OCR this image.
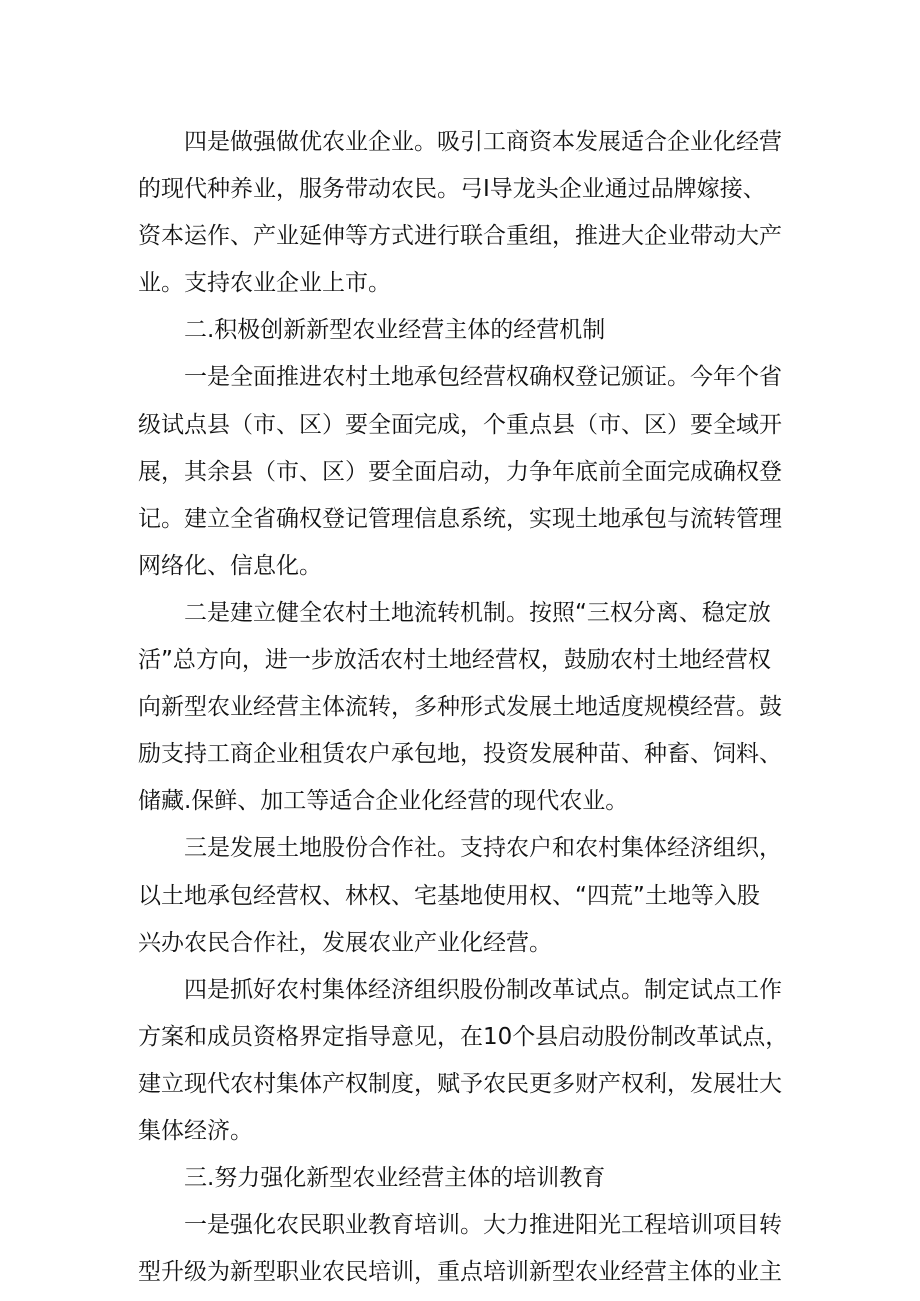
四是做强做优农业企业。吸引工商资本发展适合企业化经营
的现代种养业，服务带动农民。弓I导龙头企业通过品牌嫁接、
资本运作、产业延伸等方式进行联合重组，推进大企业带动大产
业。支持农业企业上市。
二.积极创新新型农业经营主体的经营机制
一是全面推进农村土地承包经营权确权登记颁证。今年个省
级试点县（市、区）要全面完成，个重点县（市、区）要全域开
展，其余县（市、区）要全面启动，力争年底前全面完成确权登
记。建立全省确权登记管理信息系统，实现土地承包与流转管理
网络化、信息化。
二是建立健全农村土地流转机制。按照“三权分离、稳定放
活”总方向，进一步放活农村土地经营权，鼓励农村土地经营权
向新型农业经营主体流转，多种形式发展土地适度规模经营。鼓
励支持工商企业租赁农户承包地，投资发展种苗、种畜、饲料、
储藏.保鲜、加工等适合企业化经营的现代农业。
三是发展土地股份合作社。支持农户和农村集体经济组织，
以土地承包经营权、林权、宅基地使用权、“四荒”土地等入股
兴办农民合作社，发展农业产业化经营。
四是抓好农村集体经济组织股份制改革试点。制定试点工作
方案和成员资格界定指导意见，在10个县启动股份制改革试点，
建立现代农村集体产权制度，赋予农民更多财产权利，发展壮大
集体经济。
三.努力强化新型农业经营主体的培训教育
一是强化农民职业教育培训。大力推进阳光工程培训项目转
型升级为新型职业农民培训，重点培训新型农业经营主体的业主
